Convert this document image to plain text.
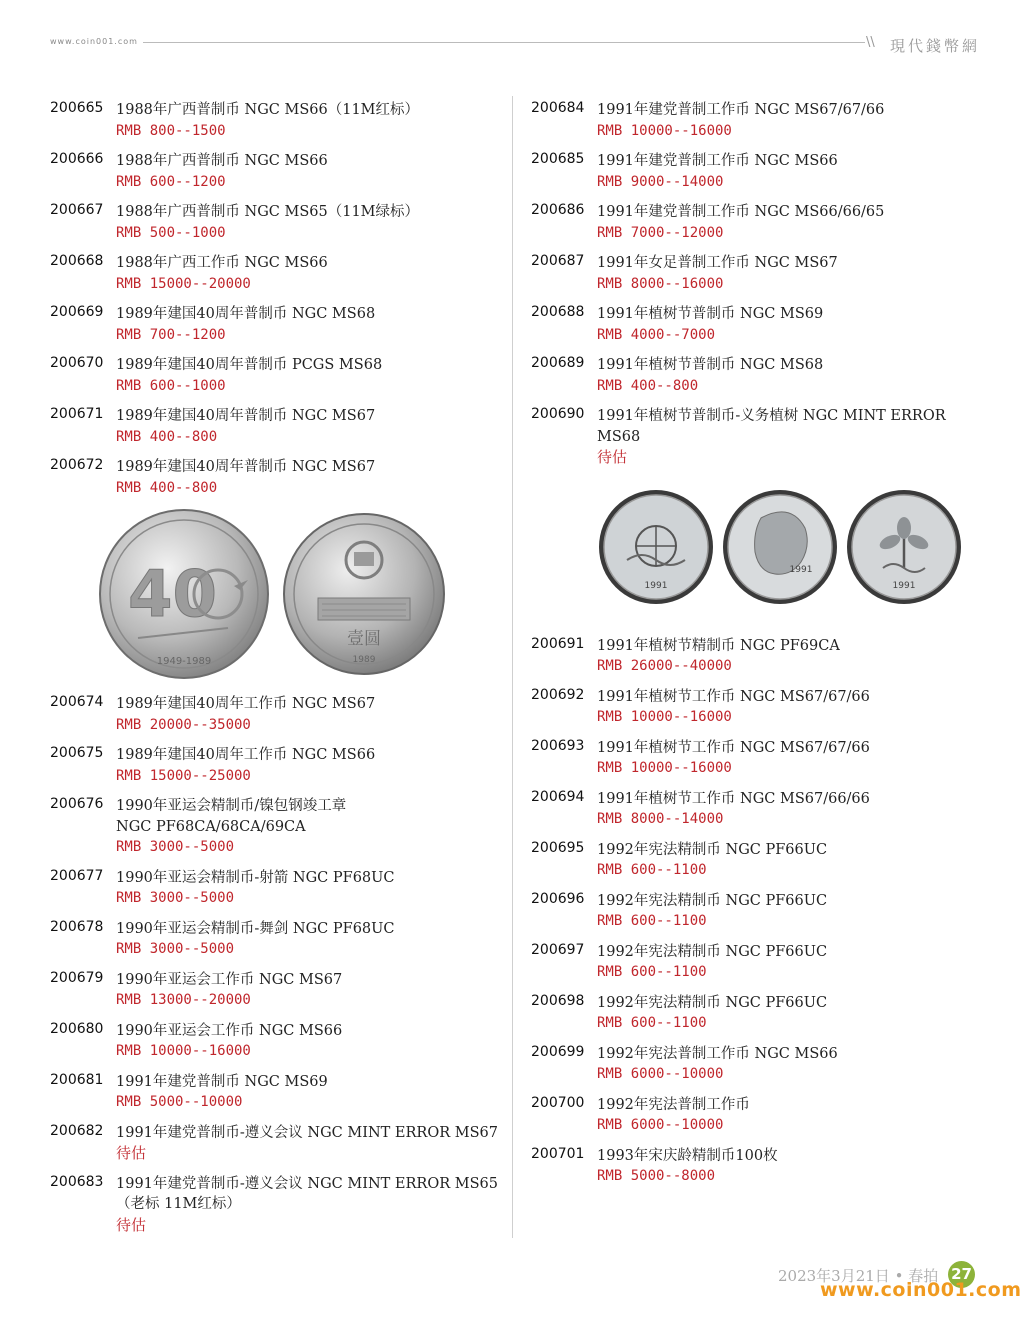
www.coin001.com	\\ 現代錢幣網
200665 1988年广西普制币 NGC MS66（11M红标）
RMB 800--1500
200666 1988年广西普制币 NGC MS66
RMB 600--1200
200667 1988年广西普制币 NGC MS65（11M绿标）
RMB 500--1000
200668 1988年广西工作币 NGC MS66
RMB 15000--20000
200669 1989年建国40周年普制币 NGC MS68
RMB 700--1200
200670 1989年建国40周年普制币 PCGS MS68
RMB 600--1000
200671 1989年建国40周年普制币 NGC MS67
RMB 400--800
200672 1989年建国40周年普制币 NGC MS67
RMB 400--800
40
1949-1989
壹圆
1989
200674 1989年建国40周年工作币 NGC MS67
RMB 20000--35000
200675 1989年建国40周年工作币 NGC MS66
RMB 15000--25000
200676 1990年亚运会精制币/镍包钢竣工章
NGC PF68CA/68CA/69CA
RMB 3000--5000
200677 1990年亚运会精制币-射箭 NGC PF68UC
RMB 3000--5000
200678 1990年亚运会精制币-舞剑 NGC PF68UC
RMB 3000--5000
200679 1990年亚运会工作币 NGC MS67
RMB 13000--20000
200680 1990年亚运会工作币 NGC MS66
RMB 10000--16000
200681 1991年建党普制币 NGC MS69
RMB 5000--10000
200682 1991年建党普制币-遵义会议 NGC MINT ERROR MS67
待估
200683 1991年建党普制币-遵义会议 NGC MINT ERROR MS65
（老标 11M红标）
待估
200684 1991年建党普制工作币 NGC MS67/67/66
RMB 10000--16000
200685 1991年建党普制工作币 NGC MS66
RMB 9000--14000
200686 1991年建党普制工作币 NGC MS66/66/65
RMB 7000--12000
200687 1991年女足普制工作币 NGC MS67
RMB 8000--16000
200688 1991年植树节普制币 NGC MS69
RMB 4000--7000
200689 1991年植树节普制币 NGC MS68
RMB 400--800
200690 1991年植树节普制币-义务植树 NGC MINT ERROR
MS68
待估
1991
1991
1991
200691 1991年植树节精制币 NGC PF69CA
RMB 26000--40000
200692 1991年植树节工作币 NGC MS67/67/66
RMB 10000--16000
200693 1991年植树节工作币 NGC MS67/67/66
RMB 10000--16000
200694 1991年植树节工作币 NGC MS67/66/66
RMB 8000--14000
200695 1992年宪法精制币 NGC PF66UC
RMB 600--1100
200696 1992年宪法精制币 NGC PF66UC
RMB 600--1100
200697 1992年宪法精制币 NGC PF66UC
RMB 600--1100
200698 1992年宪法精制币 NGC PF66UC
RMB 600--1100
200699 1992年宪法普制工作币 NGC MS66
RMB 6000--10000
200700 1992年宪法普制工作币
RMB 6000--10000
200701 1993年宋庆龄精制币100枚
RMB 5000--8000
2023年3月21日 • 春拍 27
www.coin001.com
